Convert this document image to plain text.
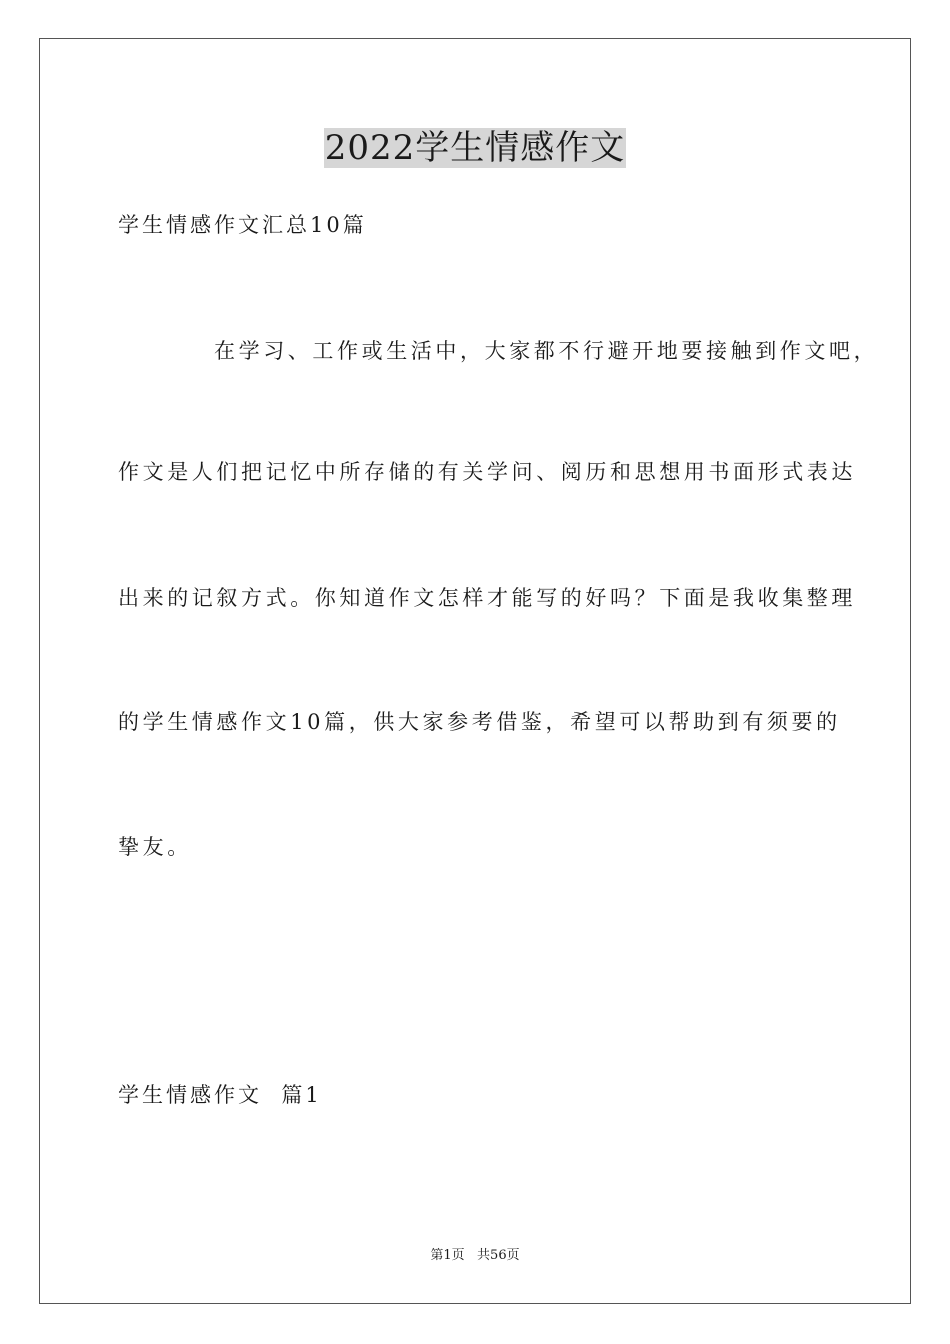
2022学生情感作文
学生情感作文汇总10篇
在学习、工作或生活中，大家都不行避开地要接触到作文吧，
作文是人们把记忆中所存储的有关学问、阅历和思想用书面形式表达
出来的记叙方式。你知道作文怎样才能写的好吗？下面是我收集整理
的学生情感作文10篇，供大家参考借鉴，希望可以帮助到有须要的
挚友。
学生情感作文  篇1
第1页   共56页
